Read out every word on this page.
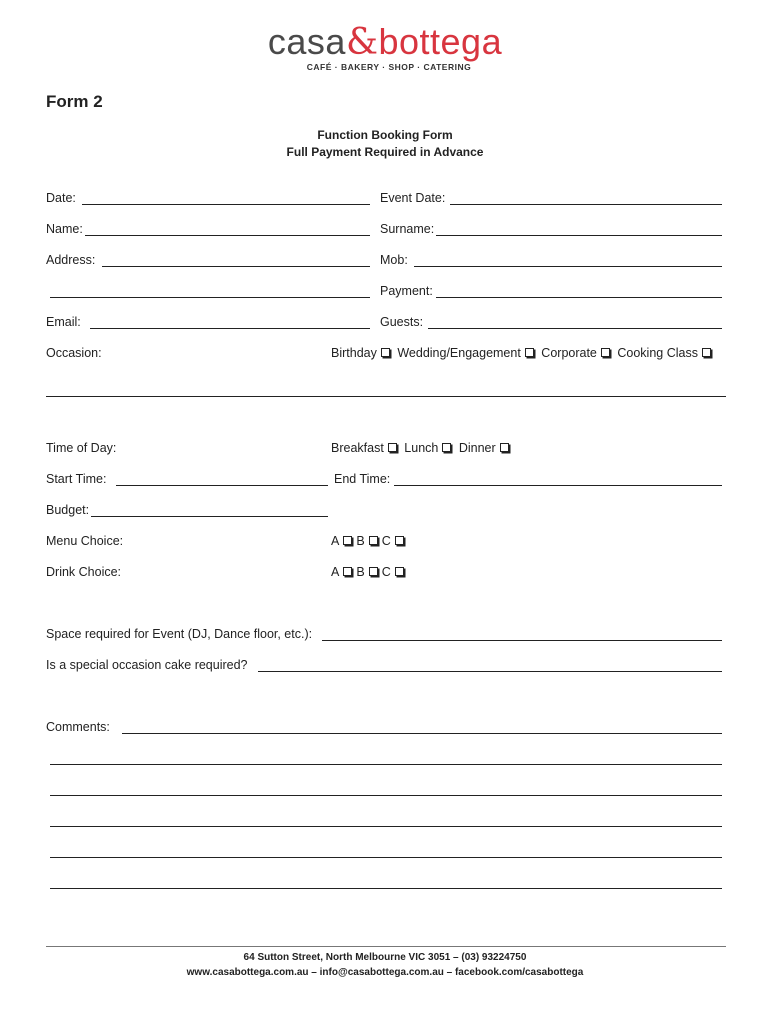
casa&bottega
CAFÉ · BAKERY · SHOP · CATERING
Form 2
Function Booking Form
Full Payment Required in Advance
Date:	Event Date:
Name:	Surname:
Address:	Mob:
Payment:
Email:	Guests:
Occasion:	Birthday Wedding/Engagement Corporate Cooking Class
Time of Day:	Breakfast Lunch Dinner
Start Time:	End Time:
Budget:
Menu Choice:	A B C
Drink Choice:	A B C
Space required for Event (DJ, Dance floor, etc.):
Is a special occasion cake required?
Comments:
64 Sutton Street, North Melbourne VIC 3051 – (03) 93224750
www.casabottega.com.au – info@casabottega.com.au – facebook.com/casabottega
